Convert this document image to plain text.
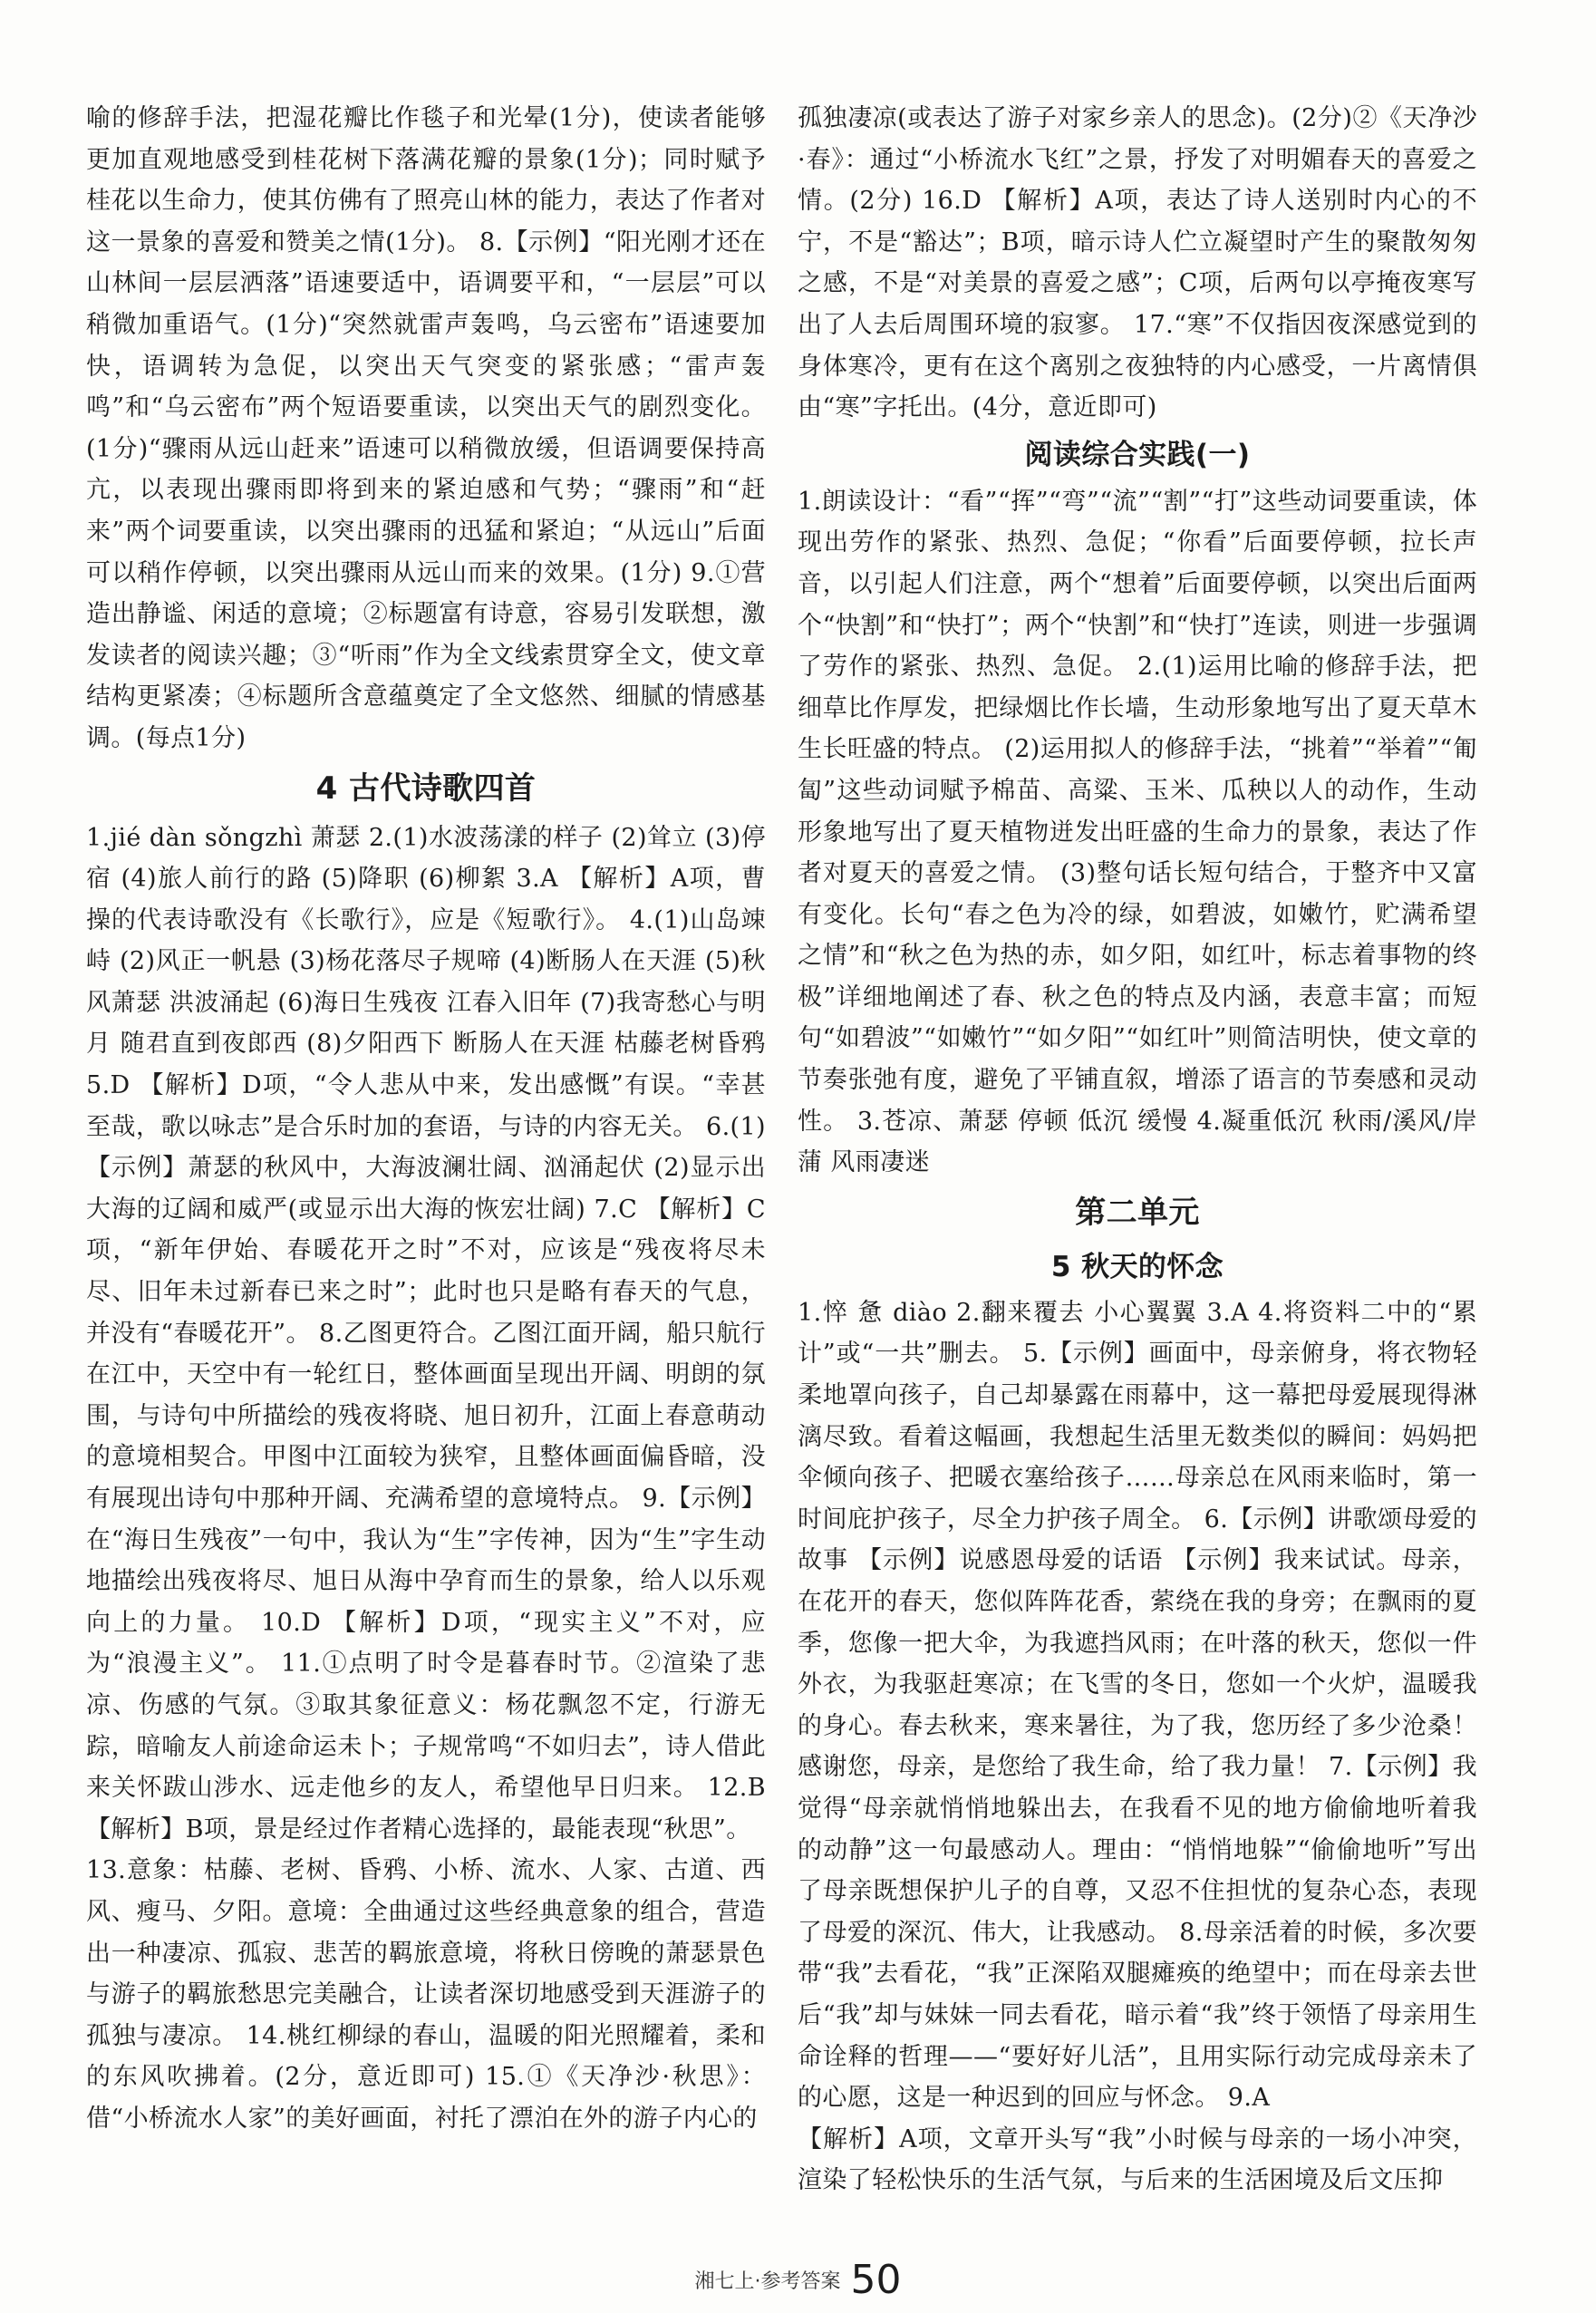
喻的修辞手法，把湿花瓣比作毯子和光晕(1分)，使读者能够更加直观地感受到桂花树下落满花瓣的景象(1分)；同时赋予桂花以生命力，使其仿佛有了照亮山林的能力，表达了作者对这一景象的喜爱和赞美之情(1分)。 8.【示例】“阳光刚才还在山林间一层层洒落”语速要适中，语调要平和，“一层层”可以稍微加重语气。(1分)“突然就雷声轰鸣，乌云密布”语速要加快，语调转为急促，以突出天气突变的紧张感；“雷声轰鸣”和“乌云密布”两个短语要重读，以突出天气的剧烈变化。(1分)“骤雨从远山赶来”语速可以稍微放缓，但语调要保持高亢，以表现出骤雨即将到来的紧迫感和气势；“骤雨”和“赶来”两个词要重读，以突出骤雨的迅猛和紧迫；“从远山”后面可以稍作停顿，以突出骤雨从远山而来的效果。(1分) 9.①营造出静谧、闲适的意境；②标题富有诗意，容易引发联想，激发读者的阅读兴趣；③“听雨”作为全文线索贯穿全文，使文章结构更紧凑；④标题所含意蕴奠定了全文悠然、细腻的情感基调。(每点1分)

4 古代诗歌四首

1.jié dàn sǒngzhì 萧瑟 2.(1)水波荡漾的样子 (2)耸立 (3)停宿 (4)旅人前行的路 (5)降职 (6)柳絮 3.A 【解析】A项，曹操的代表诗歌没有《长歌行》，应是《短歌行》。 4.(1)山岛竦峙 (2)风正一帆悬 (3)杨花落尽子规啼 (4)断肠人在天涯 (5)秋风萧瑟 洪波涌起 (6)海日生残夜 江春入旧年 (7)我寄愁心与明月 随君直到夜郎西 (8)夕阳西下 断肠人在天涯 枯藤老树昏鸦 5.D 【解析】D项，“令人悲从中来，发出感慨”有误。“幸甚至哉，歌以咏志”是合乐时加的套语，与诗的内容无关。 6.(1)【示例】萧瑟的秋风中，大海波澜壮阔、汹涌起伏 (2)显示出大海的辽阔和威严(或显示出大海的恢宏壮阔) 7.C 【解析】C项，“新年伊始、春暖花开之时”不对，应该是“残夜将尽未尽、旧年未过新春已来之时”；此时也只是略有春天的气息，并没有“春暖花开”。 8.乙图更符合。乙图江面开阔，船只航行在江中，天空中有一轮红日，整体画面呈现出开阔、明朗的氛围，与诗句中所描绘的残夜将晓、旭日初升，江面上春意萌动的意境相契合。甲图中江面较为狭窄，且整体画面偏昏暗，没有展现出诗句中那种开阔、充满希望的意境特点。 9.【示例】在“海日生残夜”一句中，我认为“生”字传神，因为“生”字生动地描绘出残夜将尽、旭日从海中孕育而生的景象，给人以乐观向上的力量。 10.D 【解析】D项，“现实主义”不对，应为“浪漫主义”。 11.①点明了时令是暮春时节。②渲染了悲凉、伤感的气氛。③取其象征意义：杨花飘忽不定，行游无踪，暗喻友人前途命运未卜；子规常鸣“不如归去”，诗人借此来关怀跋山涉水、远走他乡的友人，希望他早日归来。 12.B 【解析】B项，景是经过作者精心选择的，最能表现“秋思”。

13.意象：枯藤、老树、昏鸦、小桥、流水、人家、古道、西风、瘦马、夕阳。意境：全曲通过这些经典意象的组合，营造出一种凄凉、孤寂、悲苦的羁旅意境，将秋日傍晚的萧瑟景色与游子的羁旅愁思完美融合，让读者深切地感受到天涯游子的孤独与凄凉。 14.桃红柳绿的春山，温暖的阳光照耀着，柔和的东风吹拂着。(2分，意近即可) 15.①《天净沙·秋思》：借“小桥流水人家”的美好画面，衬托了漂泊在外的游子内心的

孤独凄凉(或表达了游子对家乡亲人的思念)。(2分)②《天净沙·春》：通过“小桥流水飞红”之景，抒发了对明媚春天的喜爱之情。(2分) 16.D 【解析】A项，表达了诗人送别时内心的不宁，不是“豁达”；B项，暗示诗人伫立凝望时产生的聚散匆匆之感，不是“对美景的喜爱之感”；C项，后两句以亭掩夜寒写出了人去后周围环境的寂寥。 17.“寒”不仅指因夜深感觉到的身体寒冷，更有在这个离别之夜独特的内心感受，一片离情俱由“寒”字托出。(4分，意近即可)

阅读综合实践(一)

1.朗读设计：“看”“挥”“弯”“流”“割”“打”这些动词要重读，体现出劳作的紧张、热烈、急促；“你看”后面要停顿，拉长声音，以引起人们注意，两个“想着”后面要停顿，以突出后面两个“快割”和“快打”；两个“快割”和“快打”连读，则进一步强调了劳作的紧张、热烈、急促。 2.(1)运用比喻的修辞手法，把细草比作厚发，把绿烟比作长墙，生动形象地写出了夏天草木生长旺盛的特点。 (2)运用拟人的修辞手法，“挑着”“举着”“匍匐”这些动词赋予棉苗、高粱、玉米、瓜秧以人的动作，生动形象地写出了夏天植物迸发出旺盛的生命力的景象，表达了作者对夏天的喜爱之情。 (3)整句话长短句结合，于整齐中又富有变化。长句“春之色为冷的绿，如碧波，如嫩竹，贮满希望之情”和“秋之色为热的赤，如夕阳，如红叶，标志着事物的终极”详细地阐述了春、秋之色的特点及内涵，表意丰富；而短句“如碧波”“如嫩竹”“如夕阳”“如红叶”则简洁明快，使文章的节奏张弛有度，避免了平铺直叙，增添了语言的节奏感和灵动性。 3.苍凉、萧瑟 停顿 低沉 缓慢 4.凝重低沉 秋雨/溪风/岸蒲 风雨凄迷

第二单元
5 秋天的怀念

1.悴 惫 diào 2.翻来覆去 小心翼翼 3.A 4.将资料二中的“累计”或“一共”删去。 5.【示例】画面中，母亲俯身，将衣物轻柔地罩向孩子，自己却暴露在雨幕中，这一幕把母爱展现得淋漓尽致。看着这幅画，我想起生活里无数类似的瞬间：妈妈把伞倾向孩子、把暖衣塞给孩子……母亲总在风雨来临时，第一时间庇护孩子，尽全力护孩子周全。 6.【示例】讲歌颂母爱的故事 【示例】说感恩母爱的话语 【示例】我来试试。母亲，在花开的春天，您似阵阵花香，萦绕在我的身旁；在飘雨的夏季，您像一把大伞，为我遮挡风雨；在叶落的秋天，您似一件外衣，为我驱赶寒凉；在飞雪的冬日，您如一个火炉，温暖我的身心。春去秋来，寒来暑往，为了我，您历经了多少沧桑！感谢您，母亲，是您给了我生命，给了我力量！ 7.【示例】我觉得“母亲就悄悄地躲出去，在我看不见的地方偷偷地听着我的动静”这一句最感动人。理由：“悄悄地躲”“偷偷地听”写出了母亲既想保护儿子的自尊，又忍不住担忧的复杂心态，表现了母爱的深沉、伟大，让我感动。 8.母亲活着的时候，多次要带“我”去看花，“我”正深陷双腿瘫痪的绝望中；而在母亲去世后“我”却与妹妹一同去看花，暗示着“我”终于领悟了母亲用生命诠释的哲理——“要好好儿活”，且用实际行动完成母亲未了的心愿，这是一种迟到的回应与怀念。 9.A

【解析】A项，文章开头写“我”小时候与母亲的一场小冲突，渲染了轻松快乐的生活气氛，与后来的生活困境及后文压抑

湘七上·参考答案 50
